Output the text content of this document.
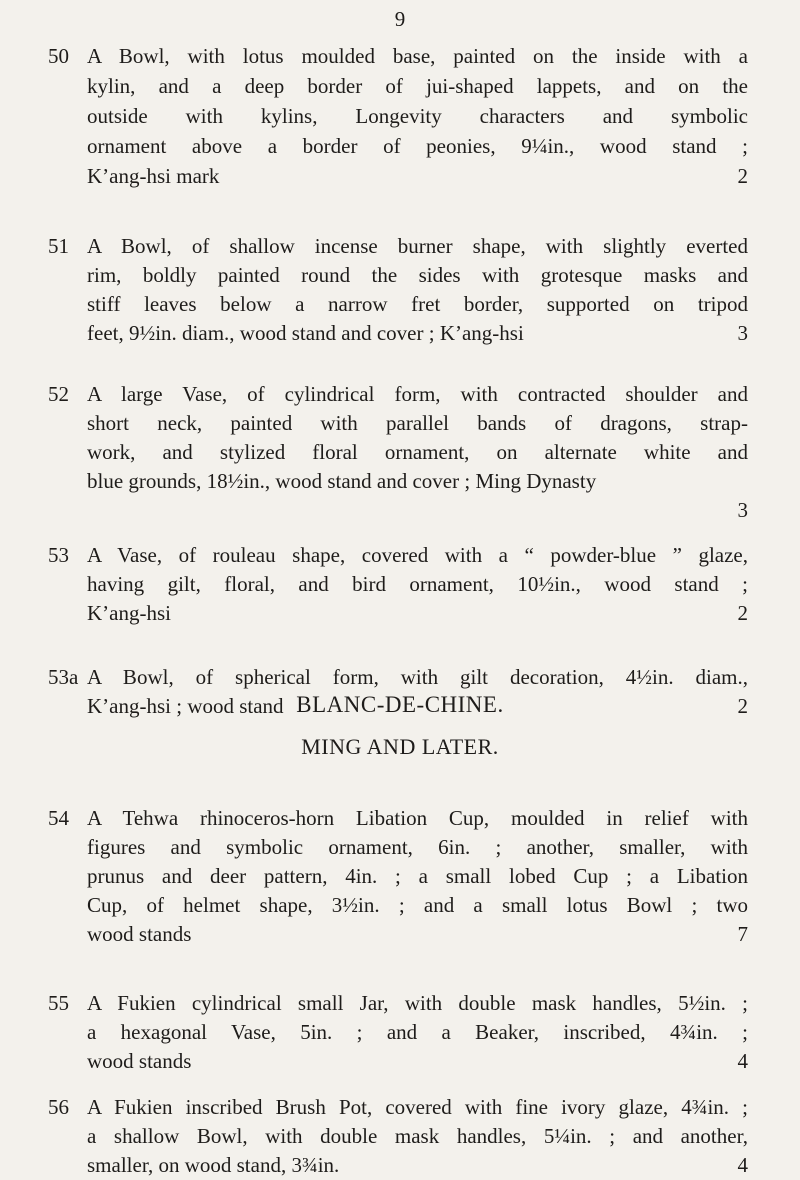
9
BLANC-DE-CHINE.
MING AND LATER.
50 A Bowl, with lotus moulded base, painted on the inside with a
kylin, and a deep border of jui-shaped lappets, and on the
outside with kylins, Longevity characters and symbolic
ornament above a border of peonies, 9¼in., wood stand ;
K’ang-hsi mark	2
51 A Bowl, of shallow incense burner shape, with slightly everted
rim, boldly painted round the sides with grotesque masks and
stiff leaves below a narrow fret border, supported on tripod
feet, 9½in. diam., wood stand and cover ; K’ang-hsi	3
52 A large Vase, of cylindrical form, with contracted shoulder and
short neck, painted with parallel bands of dragons, strap-
work, and stylized floral ornament, on alternate white and
blue grounds, 18½in., wood stand and cover ; Ming Dynasty
3
53 A Vase, of rouleau shape, covered with a “ powder-blue ” glaze,
having gilt, floral, and bird ornament, 10½in., wood stand ;
K’ang-hsi	2
53a A Bowl, of spherical form, with gilt decoration, 4½in. diam.,
K’ang-hsi ; wood stand	2
54 A Tehwa rhinoceros-horn Libation Cup, moulded in relief with
figures and symbolic ornament, 6in. ; another, smaller, with
prunus and deer pattern, 4in. ; a small lobed Cup ; a Libation
Cup, of helmet shape, 3½in. ; and a small lotus Bowl ; two
wood stands	7
55 A Fukien cylindrical small Jar, with double mask handles, 5½in. ;
a hexagonal Vase, 5in. ; and a Beaker, inscribed, 4¾in. ;
wood stands	4
56 A Fukien inscribed Brush Pot, covered with fine ivory glaze, 4¾in. ;
a shallow Bowl, with double mask handles, 5¼in. ; and another,
smaller, on wood stand, 3¾in.	4
